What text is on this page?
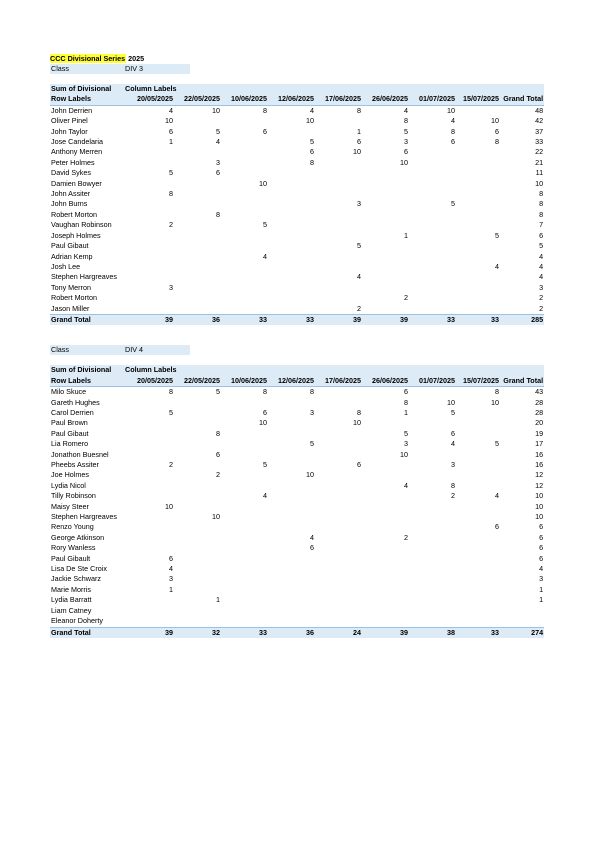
CCC Divisional Series 2025
Class	DIV 3
Sum of Divisional	Column Labels								
Row Labels	20/05/2025	22/05/2025	10/06/2025	12/06/2025	17/06/2025	26/06/2025	01/07/2025	15/07/2025	Grand Total
John Derrien	4	10	8	4	8	4	10		48
Oliver Pinel	10			10		8	4	10	42
John Taylor	6	5	6		1	5	8	6	37
Jose Candelaria	1	4		5	6	3	6	8	33
Anthony Merren				6	10	6			22
Peter Holmes		3		8		10			21
David Sykes	5	6							11
Damien Bowyer			10						10
John Assiter	8								8
John Burns					3		5		8
Robert Morton		8							8
Vaughan Robinson	2		5						7
Joseph Holmes						1		5	6
Paul Gibaut					5				5
Adrian Kemp			4						4
Josh Lee								4	4
Stephen Hargreaves					4				4
Tony Merron	3								3
Robert Morton						2			2
Jason Miller					2				2
Grand Total	39	36	33	33	39	39	33	33	285
Class	DIV 4
Sum of Divisional	Column Labels								
Row Labels	20/05/2025	22/05/2025	10/06/2025	12/06/2025	17/06/2025	26/06/2025	01/07/2025	15/07/2025	Grand Total
Milo Skuce	8	5	8	8		6		8	43
Gareth Hughes						8	10	10	28
Carol Derrien	5		6	3	8	1	5		28
Paul Brown			10		10				20
Paul Gibaut		8				5	6		19
Lia Romero				5		3	4	5	17
Jonathon Buesnel		6				10			16
Pheebs Assiter	2		5		6		3		16
Joe Holmes		2		10					12
Lydia Nicol						4	8		12
Tilly Robinson			4				2	4	10
Maisy Steer	10								10
Stephen Hargreaves		10							10
Renzo Young								6	6
George Atkinson				4		2			6
Rory Wanless				6					6
Paul Gibault	6								6
Lisa De Ste Croix	4								4
Jackie Schwarz	3								3
Marie Morris	1								1
Lydia Barratt		1							1
Liam Catney									
Eleanor Doherty									
Grand Total	39	32	33	36	24	39	38	33	274
